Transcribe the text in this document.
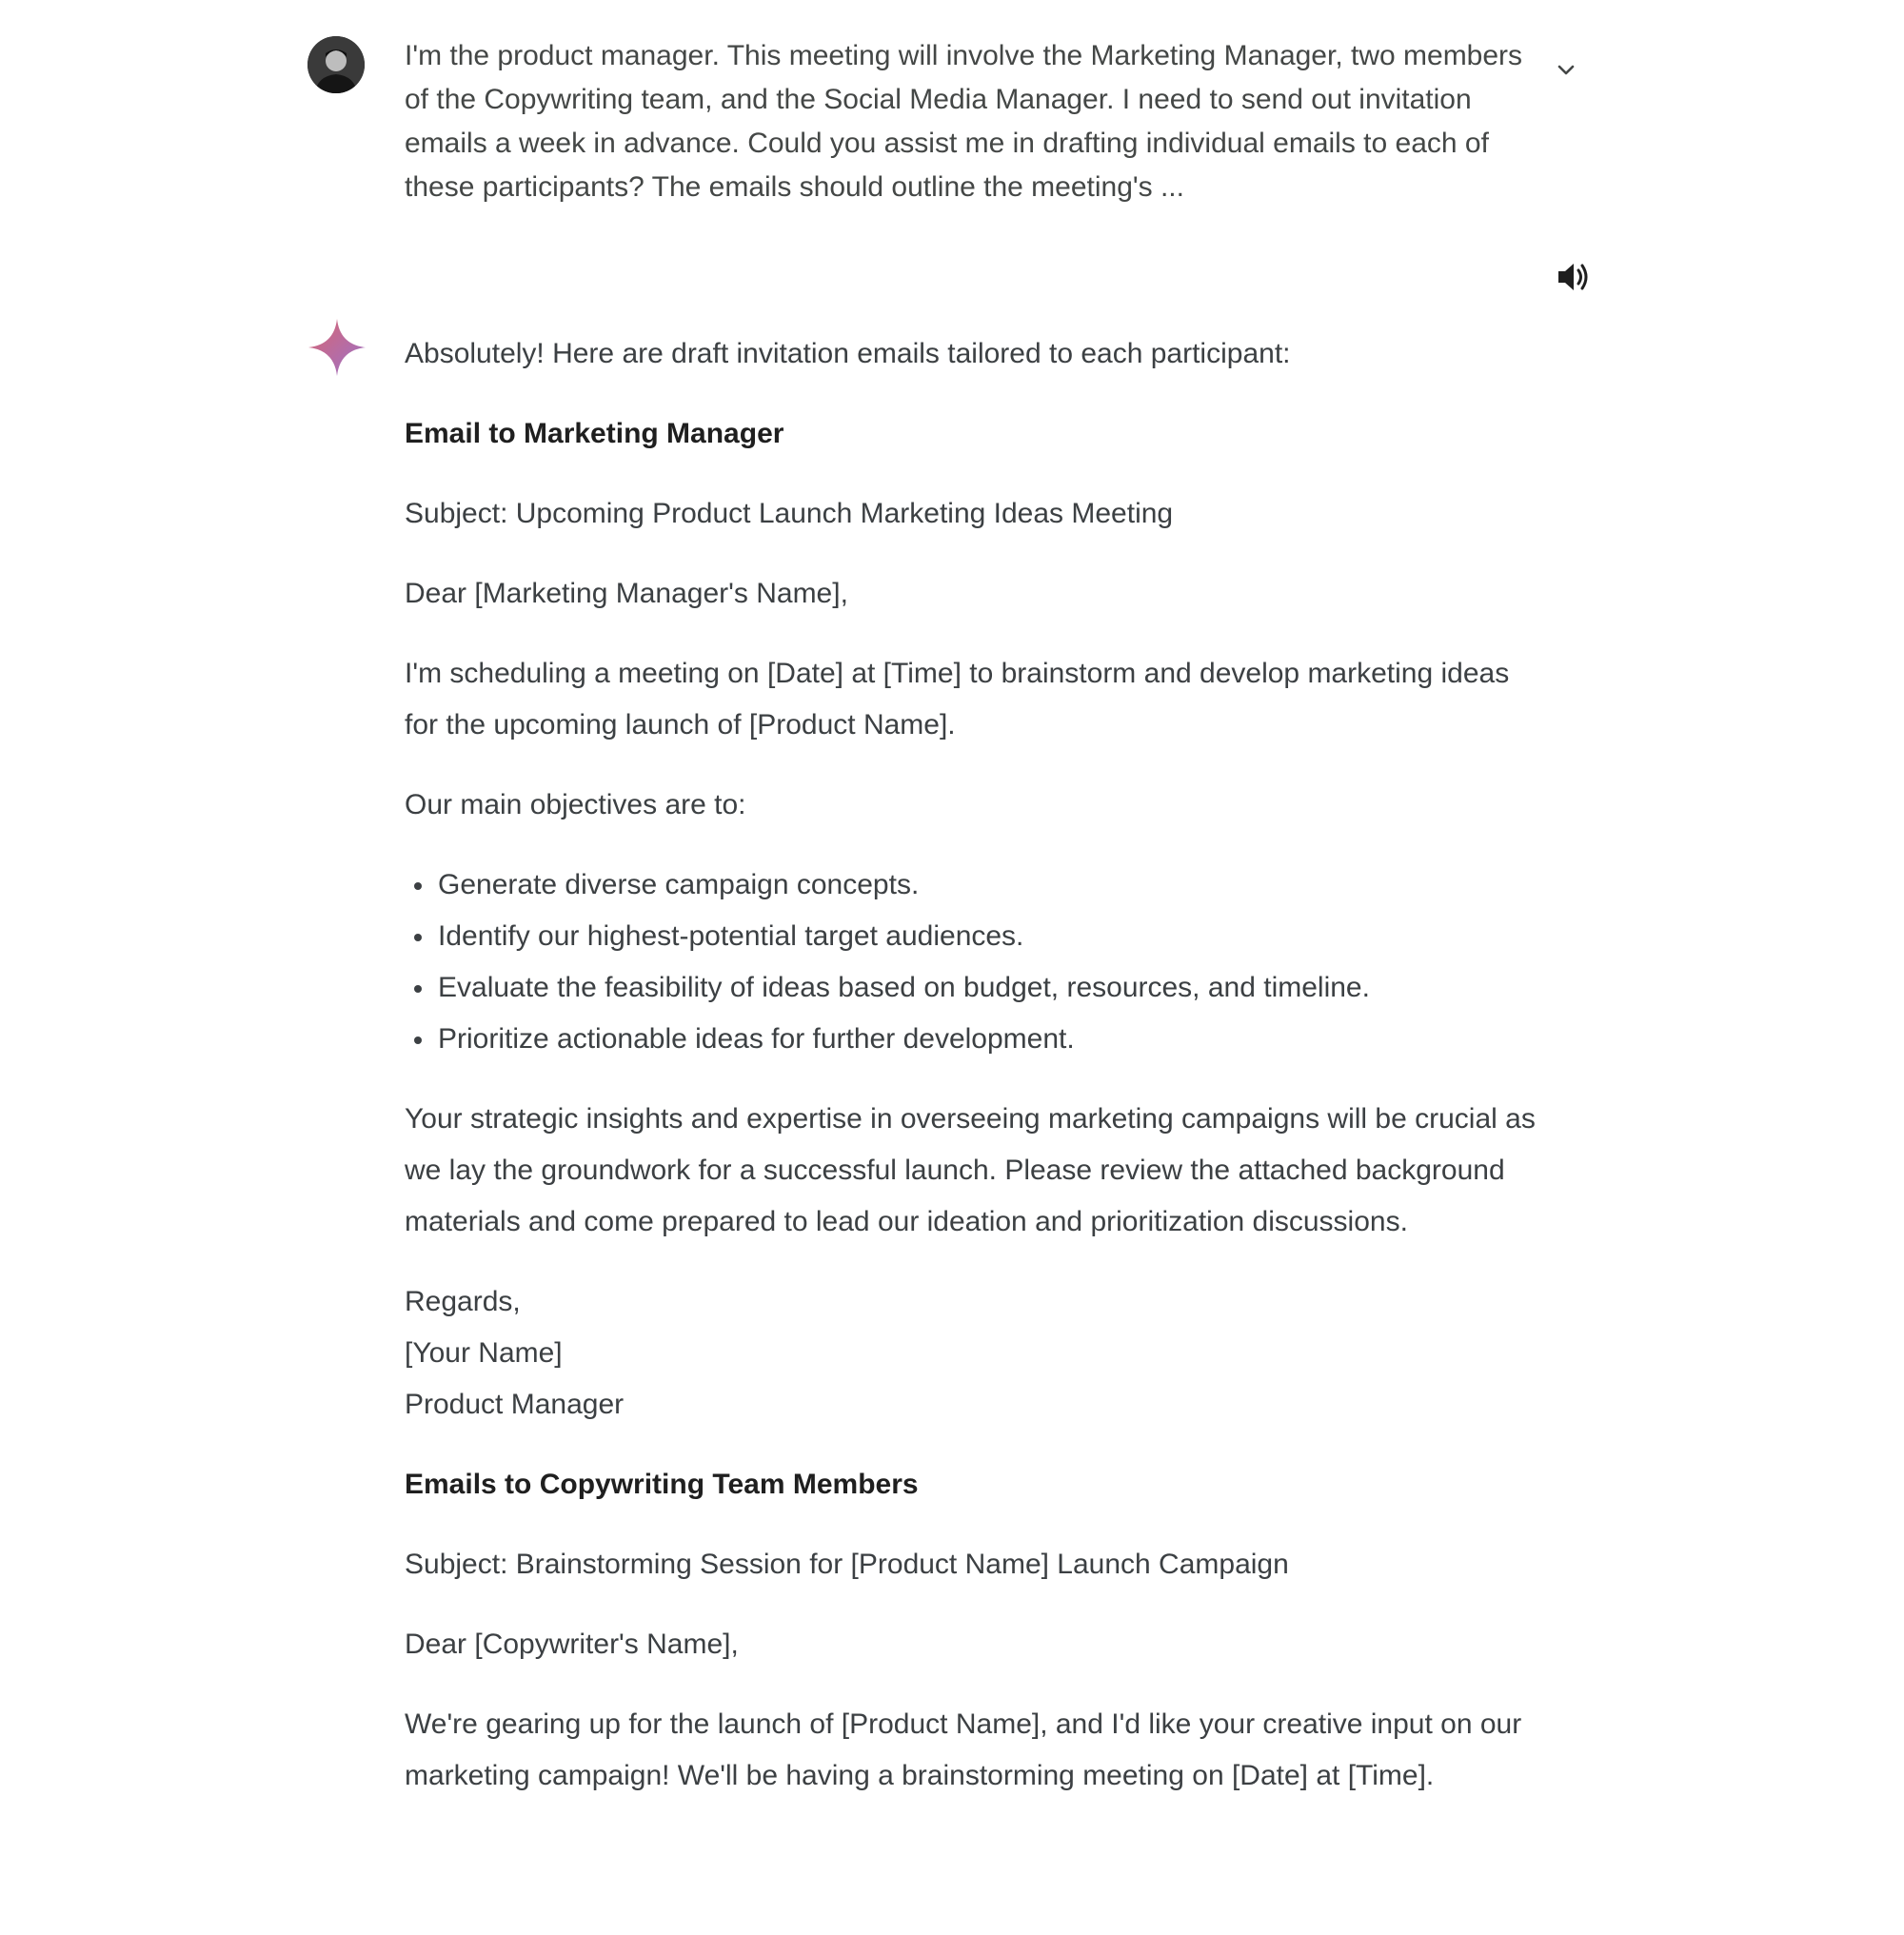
I'm the product manager. This meeting will involve the Marketing Manager, two members of the Copywriting team, and the Social Media Manager. I need to send out invitation emails a week in advance. Could you assist me in drafting individual emails to each of these participants? The emails should outline the meeting's ...

Absolutely! Here are draft invitation emails tailored to each participant:

Email to Marketing Manager

Subject: Upcoming Product Launch Marketing Ideas Meeting

Dear [Marketing Manager's Name],

I'm scheduling a meeting on [Date] at [Time] to brainstorm and develop marketing ideas for the upcoming launch of [Product Name].

Our main objectives are to:

Generate diverse campaign concepts.
Identify our highest-potential target audiences.
Evaluate the feasibility of ideas based on budget, resources, and timeline.
Prioritize actionable ideas for further development.

Your strategic insights and expertise in overseeing marketing campaigns will be crucial as we lay the groundwork for a successful launch. Please review the attached background materials and come prepared to lead our ideation and prioritization discussions.

Regards,

[Your Name]

Product Manager

Emails to Copywriting Team Members

Subject: Brainstorming Session for [Product Name] Launch Campaign

Dear [Copywriter's Name],

We're gearing up for the launch of [Product Name], and I'd like your creative input on our marketing campaign! We'll be having a brainstorming meeting on [Date] at [Time].
